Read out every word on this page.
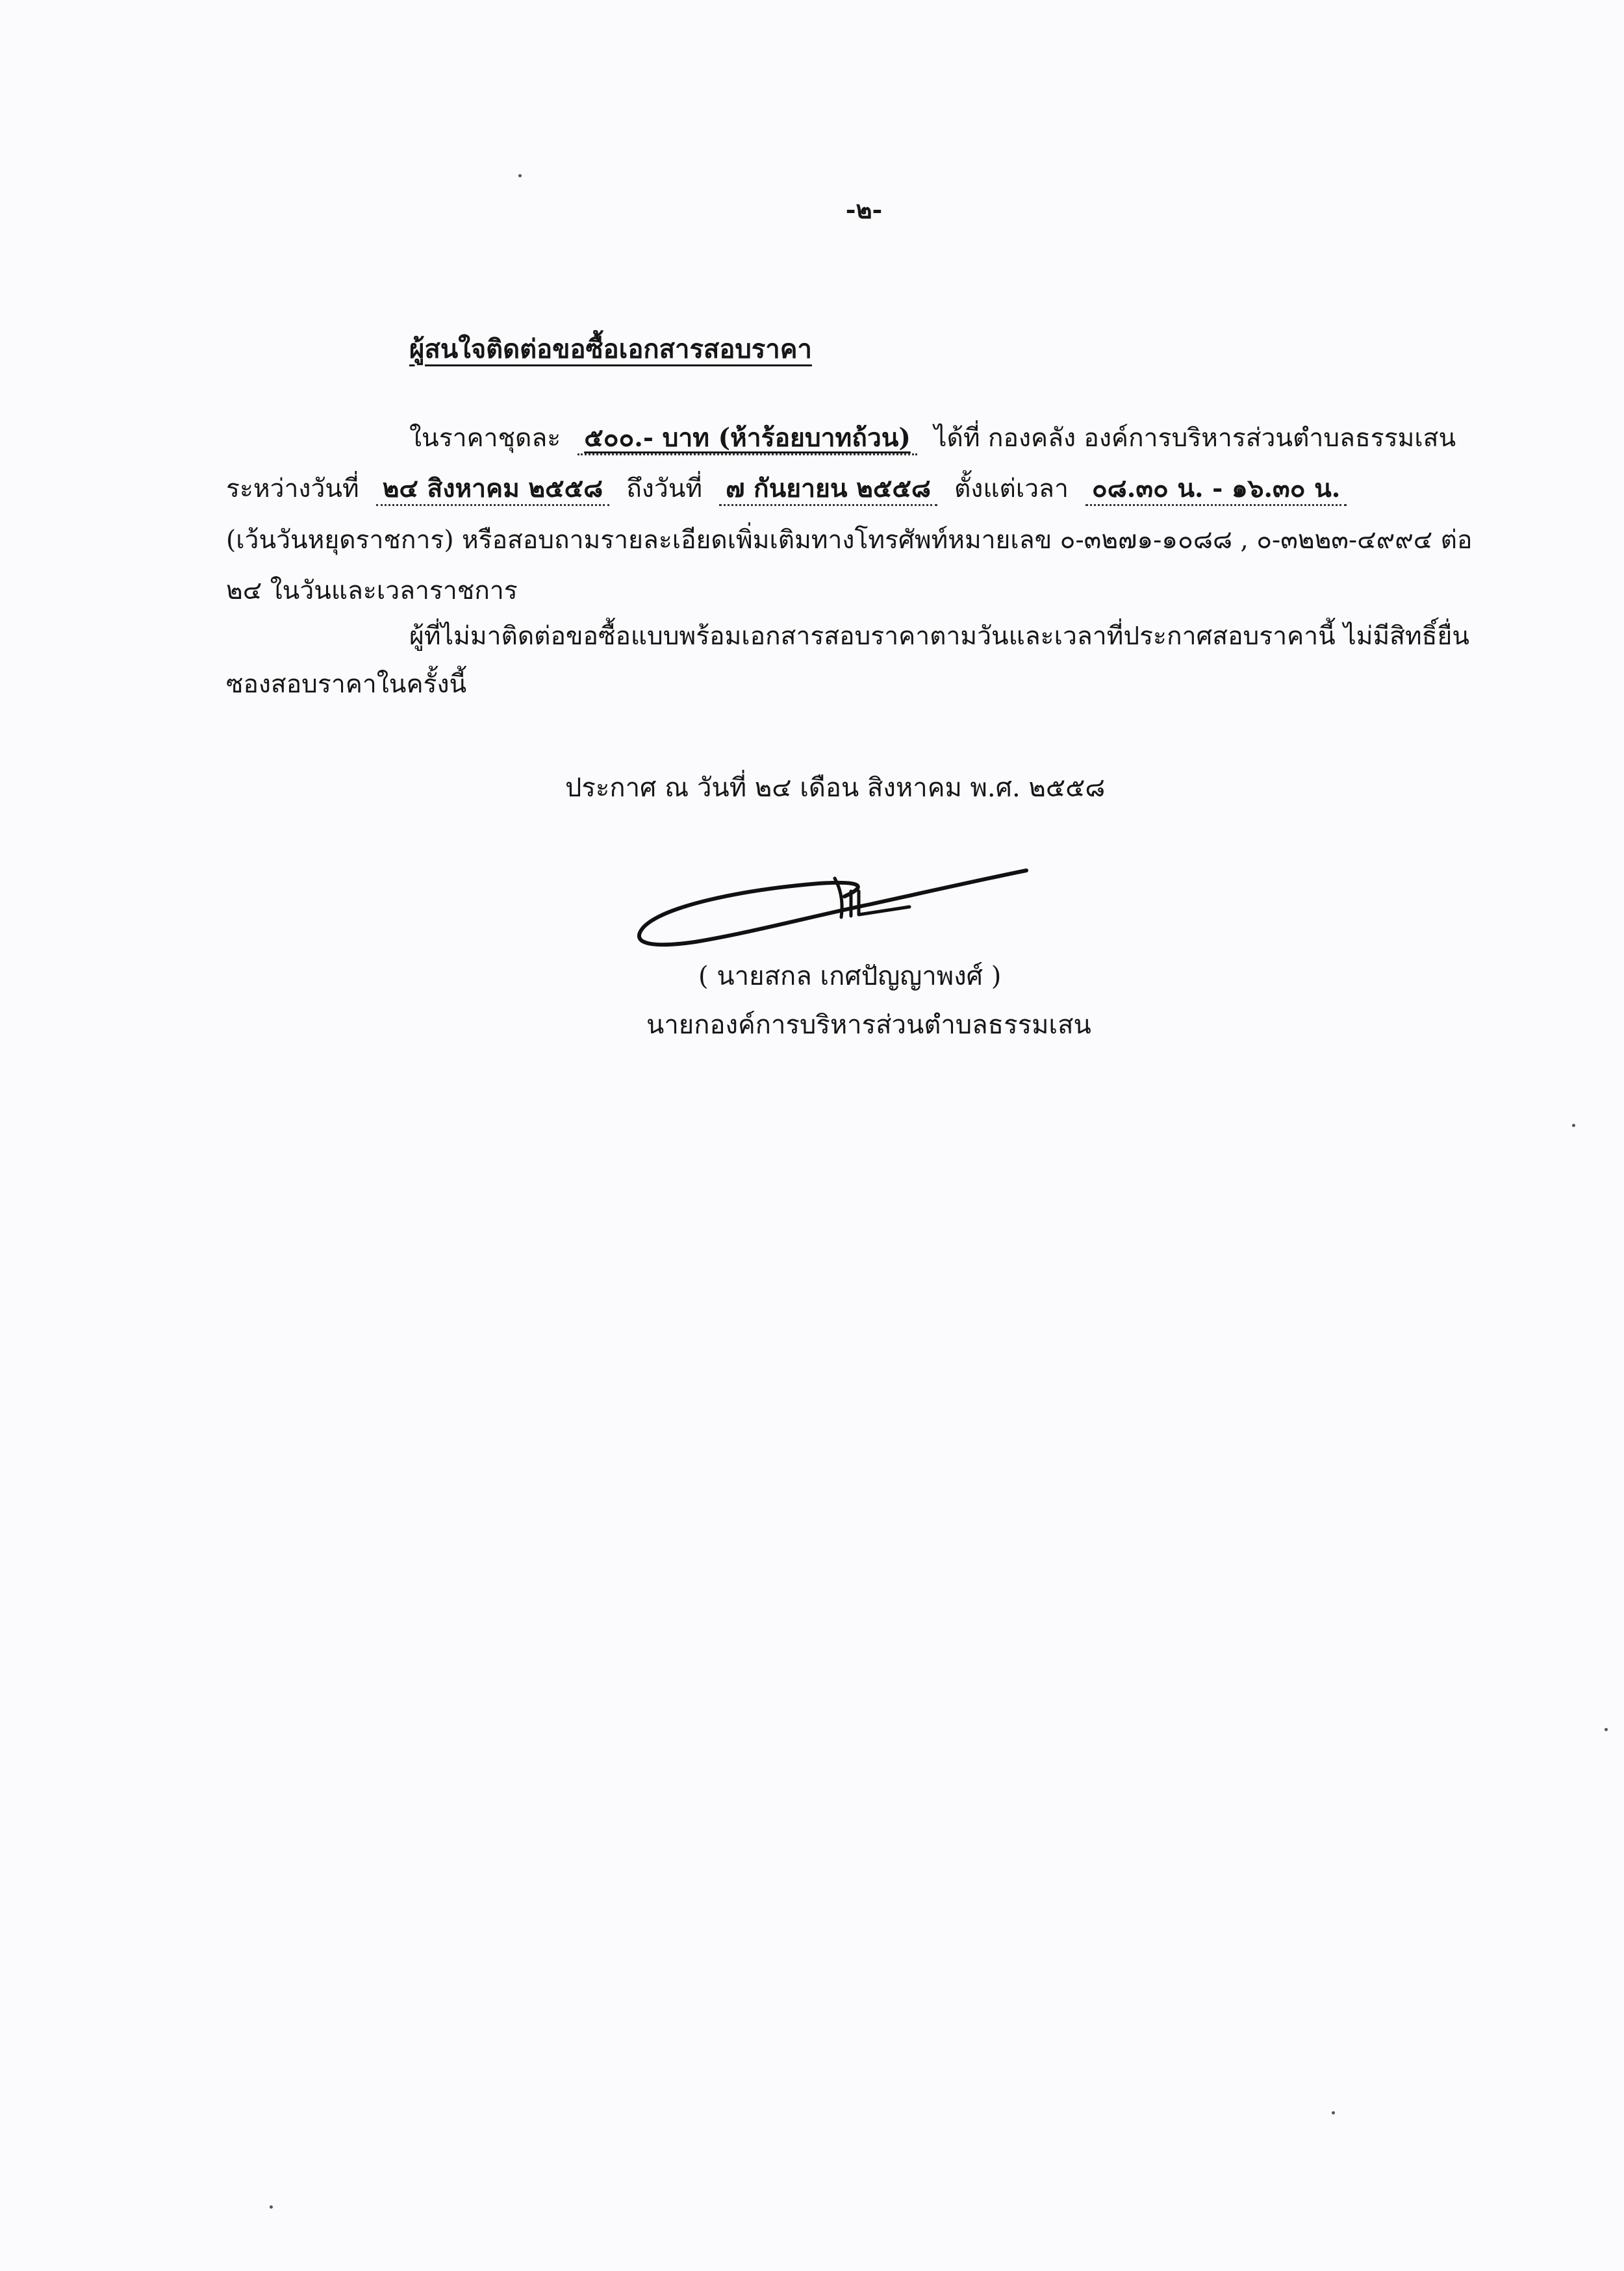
-๒-
ผู้สนใจติดต่อขอซื้อเอกสารสอบราคา
ในราคาชุดละ ๕๐๐.- บาท (ห้าร้อยบาทถ้วน) ได้ที่ กองคลัง องค์การบริหารส่วนตำบลธรรมเสน
ระหว่างวันที่ ๒๔ สิงหาคม ๒๕๕๘ ถึงวันที่ ๗ กันยายน ๒๕๕๘ ตั้งแต่เวลา ๐๘.๓๐ น. - ๑๖.๓๐ น.
(เว้นวันหยุดราชการ) หรือสอบถามรายละเอียดเพิ่มเติมทางโทรศัพท์หมายเลข ๐-๓๒๗๑-๑๐๘๘ , ๐-๓๒๒๓-๔๙๙๔ ต่อ
๒๔ ในวันและเวลาราชการ
ผู้ที่ไม่มาติดต่อขอซื้อแบบพร้อมเอกสารสอบราคาตามวันและเวลาที่ประกาศสอบราคานี้ ไม่มีสิทธิ์ยื่น
ซองสอบราคาในครั้งนี้
ประกาศ ณ วันที่ ๒๔ เดือน สิงหาคม พ.ศ. ๒๕๕๘
( นายสกล เกศปัญญาพงศ์ )
นายกองค์การบริหารส่วนตำบลธรรมเสน
